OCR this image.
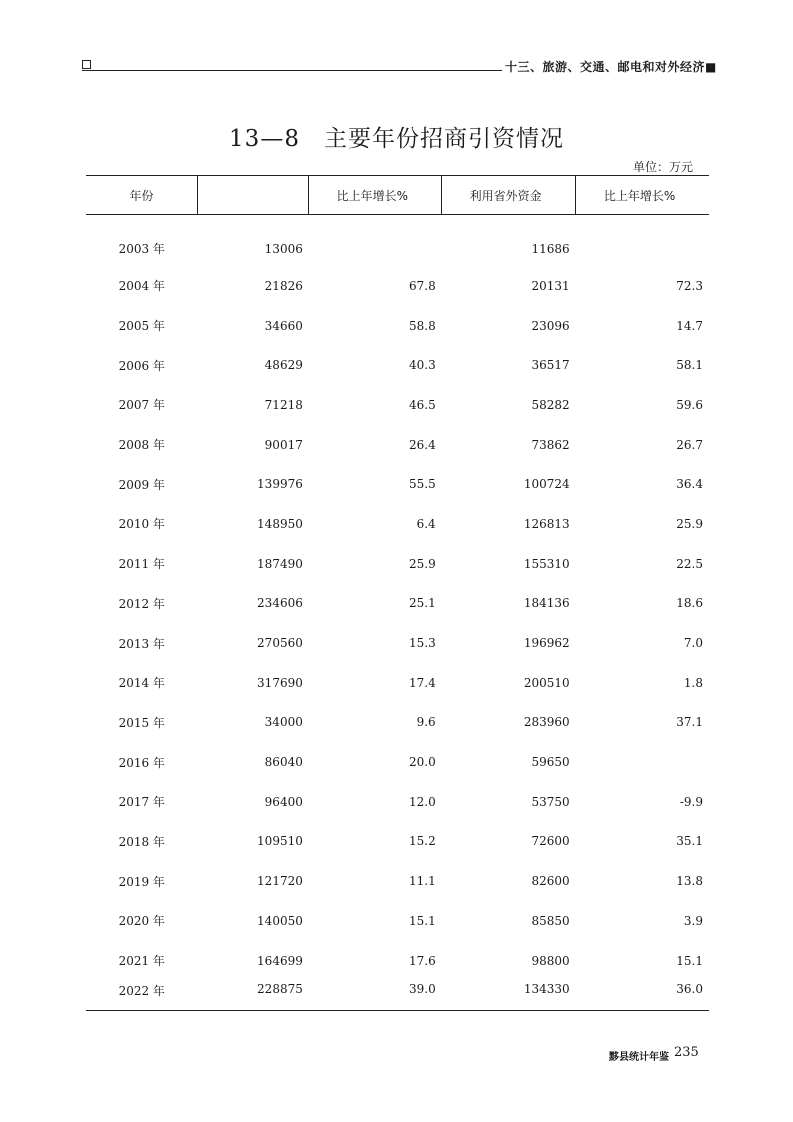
十三、旅游、交通、邮电和对外经济■
13—8　主要年份招商引资情况
单位：万元
年份		比上年增长%	利用省外资金	比上年增长%
2003 年	13006		11686	
2004 年	21826	67.8	20131	72.3
2005 年	34660	58.8	23096	14.7
2006 年	48629	40.3	36517	58.1
2007 年	71218	46.5	58282	59.6
2008 年	90017	26.4	73862	26.7
2009 年	139976	55.5	100724	36.4
2010 年	148950	6.4	126813	25.9
2011 年	187490	25.9	155310	22.5
2012 年	234606	25.1	184136	18.6
2013 年	270560	15.3	196962	7.0
2014 年	317690	17.4	200510	1.8
2015 年	34000	9.6	283960	37.1
2016 年	86040	20.0	59650	
2017 年	96400	12.0	53750	-9.9
2018 年	109510	15.2	72600	35.1
2019 年	121720	11.1	82600	13.8
2020 年	140050	15.1	85850	3.9
2021 年	164699	17.6	98800	15.1
2022 年	228875	39.0	134330	36.0
黟县统计年鉴 235
